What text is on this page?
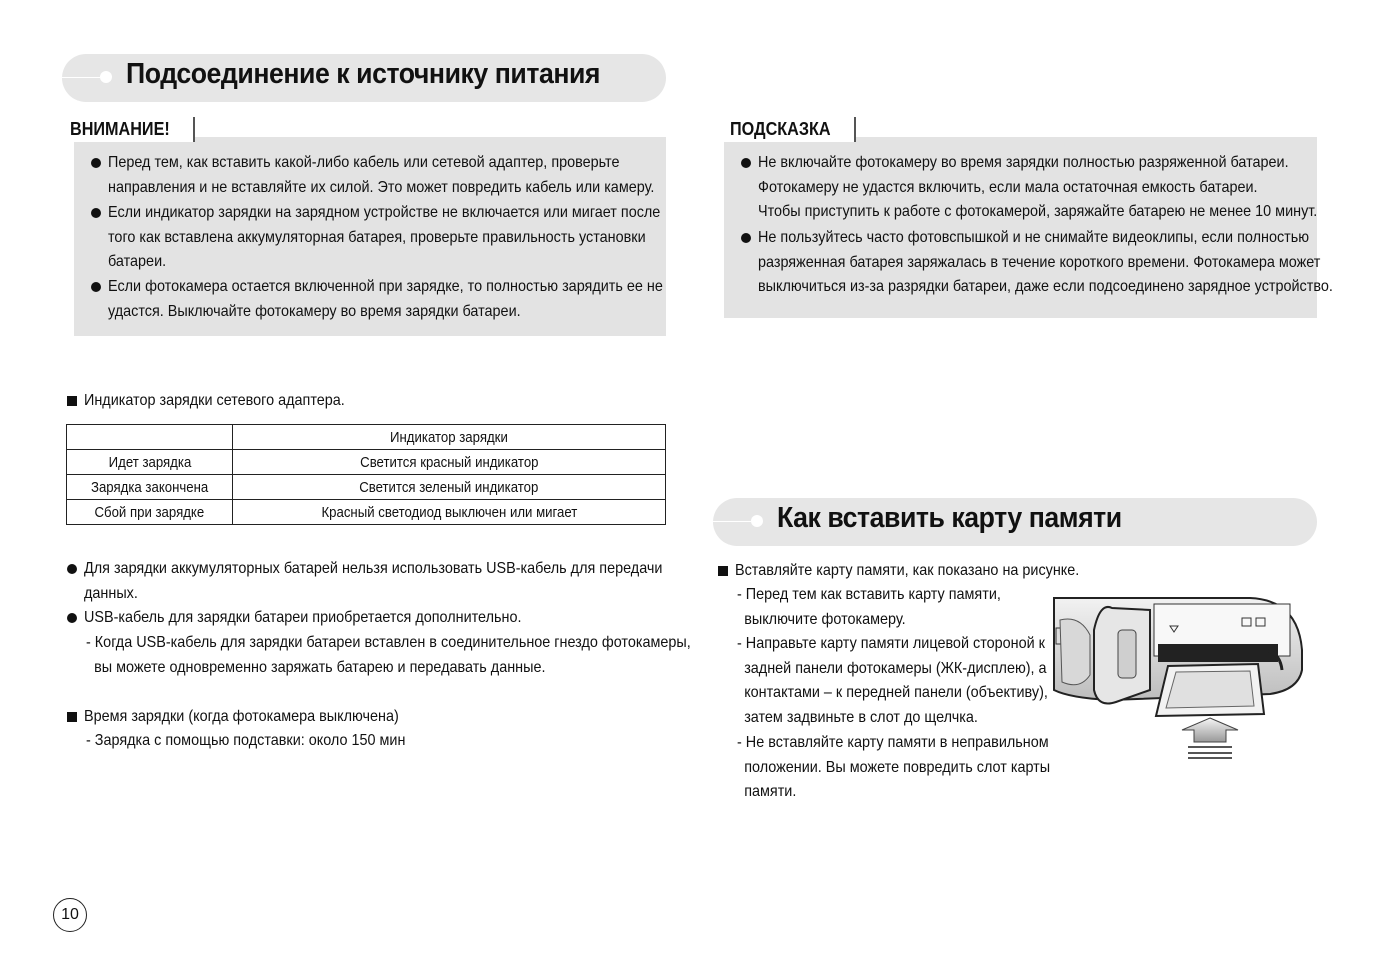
Подсоединение к источнику питания
ВНИМАНИЕ!
Перед тем, как вставить какой-либо кабель или сетевой адаптер, проверьте
направления и не вставляйте их силой. Это может повредить кабель или камеру.
Если индикатор зарядки на зарядном устройстве не включается или мигает после
того как вставлена аккумуляторная батарея, проверьте правильность установки
батареи.
Если фотокамера остается включенной при зарядке, то полностью зарядить ее не
удастся. Выключайте фотокамеру во время зарядки батареи.
Индикатор зарядки сетевого адаптера.
	Индикатор зарядки
Идет зарядка	Светится красный индикатор
Зарядка закончена	Светится зеленый индикатор
Сбой при зарядке	Красный светодиод выключен или мигает
Для зарядки аккумуляторных батарей нельзя использовать USB-кабель для передачи
данных.
USB-кабель для зарядки батареи приобретается дополнительно.
- Когда USB-кабель для зарядки батареи вставлен в соединительное гнездо фотокамеры,
вы можете одновременно заряжать батарею и передавать данные.
Время зарядки (когда фотокамера выключена)
- Зарядка с помощью подставки: около 150 мин
10
ПОДСКАЗКА
Не включайте фотокамеру во время зарядки полностью разряженной батареи.
Фотокамеру не удастся включить, если мала остаточная емкость батареи.
Чтобы приступить к работе с фотокамерой, заряжайте батарею не менее 10 минут.
Не пользуйтесь часто фотовспышкой и не снимайте видеоклипы, если полностью
разряженная батарея заряжалась в течение короткого времени. Фотокамера может
выключиться из-за разрядки батареи, даже если подсоединено зарядное устройство.
Как вставить карту памяти
Вставляйте карту памяти, как показано на рисунке.
- Перед тем как вставить карту памяти,
выключите фотокамеру.
- Направьте карту памяти лицевой стороной к
задней панели фотокамеры (ЖК-дисплею), а
контактами – к передней панели (объективу),
затем задвиньте в слот до щелчка.
- Не вставляйте карту памяти в неправильном
положении. Вы можете повредить слот карты
памяти.
